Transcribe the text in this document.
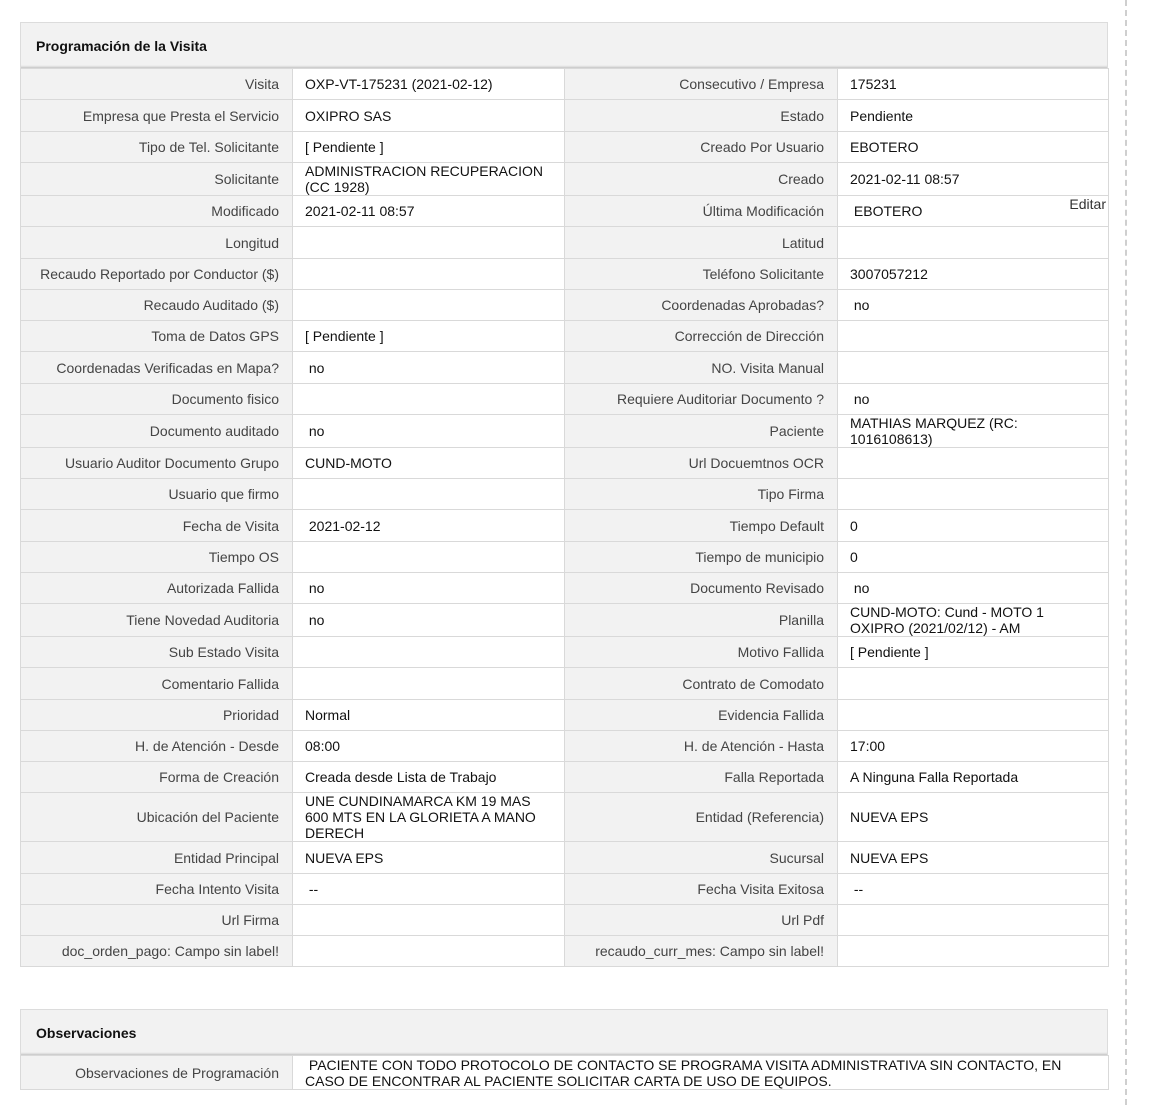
Programación de la Visita
Visita	OXP-VT-175231 (2021-02-12)	Consecutivo / Empresa	175231
Empresa que Presta el Servicio	OXIPRO SAS	Estado	Pendiente
Tipo de Tel. Solicitante	[ Pendiente ]	Creado Por Usuario	EBOTERO
Solicitante	ADMINISTRACION RECUPERACION (CC 1928)	Creado	2021-02-11 08:57
Modificado	2021-02-11 08:57	Última Modificación	EBOTERO Editar

Longitud		Latitud	
Recaudo Reportado por Conductor ($)		Teléfono Solicitante	3007057212
Recaudo Auditado ($)		Coordenadas Aprobadas?	no
Toma de Datos GPS	[ Pendiente ]	Corrección de Dirección	
Coordenadas Verificadas en Mapa?	no	NO. Visita Manual	
Documento fisico		Requiere Auditoriar Documento ?	no
Documento auditado	no	Paciente	MATHIAS MARQUEZ (RC: 1016108613)
Usuario Auditor Documento Grupo	CUND-MOTO	Url Docuemtnos OCR	
Usuario que firmo		Tipo Firma	
Fecha de Visita	2021-02-12	Tiempo Default	0
Tiempo OS		Tiempo de municipio	0
Autorizada Fallida	no	Documento Revisado	no
Tiene Novedad Auditoria	no	Planilla	CUND-MOTO: Cund - MOTO 1 OXIPRO (2021/02/12) - AM
Sub Estado Visita		Motivo Fallida	[ Pendiente ]
Comentario Fallida		Contrato de Comodato	
Prioridad	Normal	Evidencia Fallida	
H. de Atención - Desde	08:00	H. de Atención - Hasta	17:00
Forma de Creación	Creada desde Lista de Trabajo	Falla Reportada	A Ninguna Falla Reportada
Ubicación del Paciente	UNE CUNDINAMARCA KM 19 MAS 600 MTS EN LA GLORIETA A MANO DERECH	Entidad (Referencia)	NUEVA EPS
Entidad Principal	NUEVA EPS	Sucursal	NUEVA EPS
Fecha Intento Visita	--	Fecha Visita Exitosa	--
Url Firma		Url Pdf	
doc_orden_pago: Campo sin label!		recaudo_curr_mes: Campo sin label!	
Observaciones
Observaciones de Programación	PACIENTE CON TODO PROTOCOLO DE CONTACTO SE PROGRAMA VISITA ADMINISTRATIVA SIN CONTACTO, EN CASO DE ENCONTRAR AL PACIENTE SOLICITAR CARTA DE USO DE EQUIPOS.
